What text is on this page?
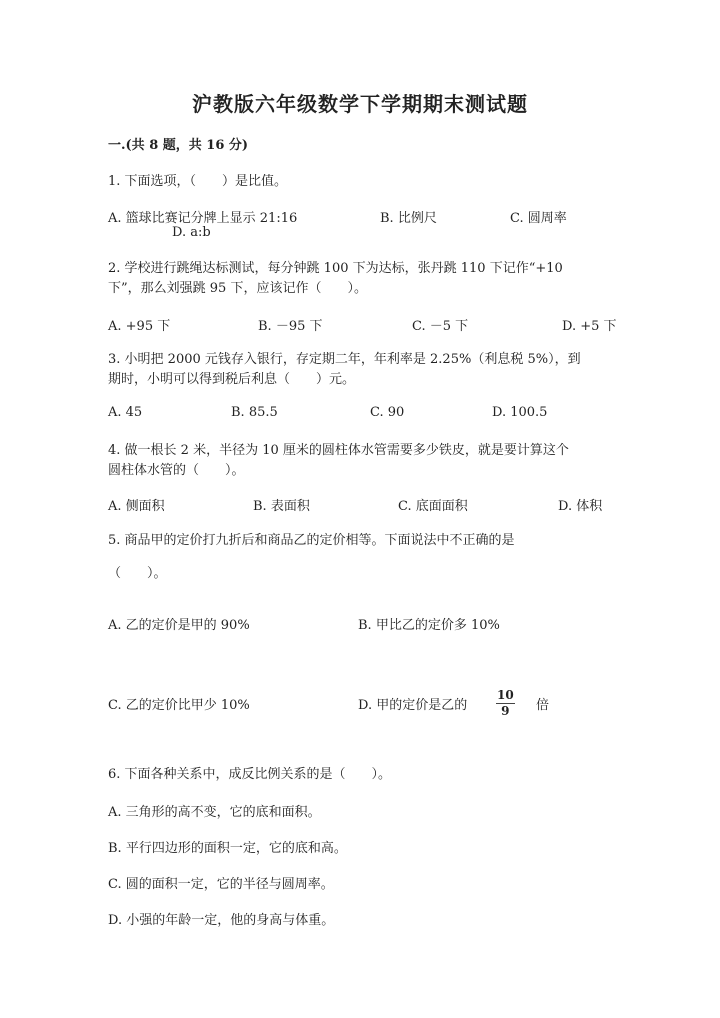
沪教版六年级数学下学期期末测试题
一.(共 8 题，共 16 分)
1. 下面选项，（　　）是比值。
A. 篮球比赛记分牌上显示 21:16	B. 比例尺	C. 圆周率
D. a:b
2. 学校进行跳绳达标测试，每分钟跳 100 下为达标，张丹跳 110 下记作“+10
下”，那么刘强跳 95 下，应该记作（　　）。
A. +95 下	B. －95 下	C. －5 下	D. +5 下
3. 小明把 2000 元钱存入银行，存定期二年，年利率是 2.25%（利息税 5%），到
期时，小明可以得到税后利息（　　）元。
A. 45	B. 85.5	C. 90	D. 100.5
4. 做一根长 2 米，半径为 10 厘米的圆柱体水管需要多少铁皮，就是要计算这个
圆柱体水管的（　　）。
A. 侧面积	B. 表面积	C. 底面面积	D. 体积
5. 商品甲的定价打九折后和商品乙的定价相等。下面说法中不正确的是
（　　）。
A. 乙的定价是甲的 90%	B. 甲比乙的定价多 10%
C. 乙的定价比甲少 10%	D. 甲的定价是乙的 $\frac{10}{9}$ 倍
6. 下面各种关系中，成反比例关系的是（　　）。
A. 三角形的高不变，它的底和面积。
B. 平行四边形的面积一定，它的底和高。
C. 圆的面积一定，它的半径与圆周率。
D. 小强的年龄一定，他的身高与体重。
